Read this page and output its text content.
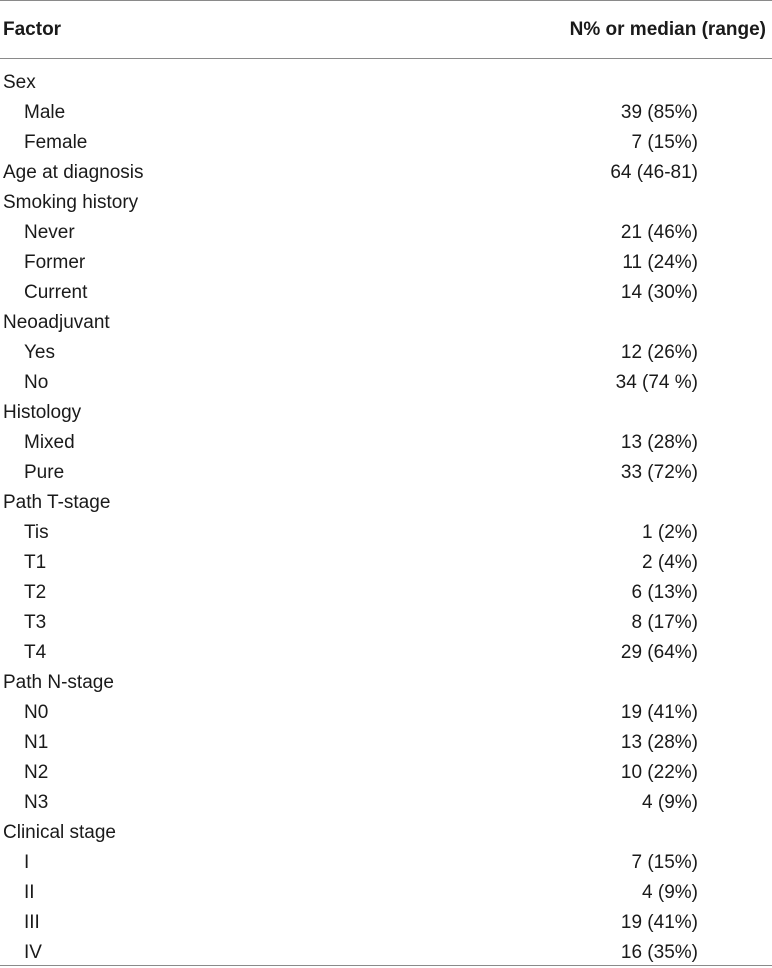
Factor	N% or median (range)
Sex
Male	39 (85%)
Female	7 (15%)
Age at diagnosis	64 (46-81)
Smoking history
Never	21 (46%)
Former	11 (24%)
Current	14 (30%)
Neoadjuvant
Yes	12 (26%)
No	34 (74 %)
Histology
Mixed	13 (28%)
Pure	33 (72%)
Path T-stage
Tis	1 (2%)
T1	2 (4%)
T2	6 (13%)
T3	8 (17%)
T4	29 (64%)
Path N-stage
N0	19 (41%)
N1	13 (28%)
N2	10 (22%)
N3	4 (9%)
Clinical stage
I	7 (15%)
II	4 (9%)
III	19 (41%)
IV	16 (35%)
